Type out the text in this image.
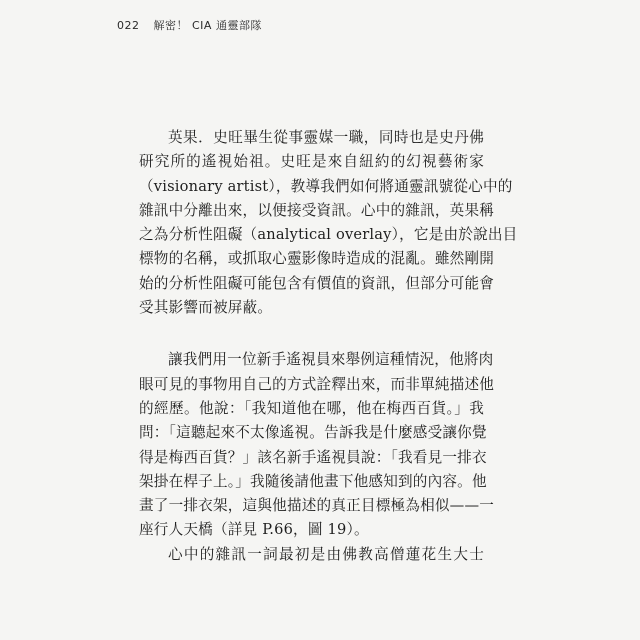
022 解密！ CIA 通靈部隊
英果．史旺畢生從事靈媒一職，同時也是史丹佛
研究所的遙視始祖。史旺是來自紐約的幻視藝術家
（visionary artist），教導我們如何將通靈訊號從心中的
雜訊中分離出來，以便接受資訊。心中的雜訊，英果稱
之為分析性阻礙（analytical overlay），它是由於說出目
標物的名稱，或抓取心靈影像時造成的混亂。雖然剛開
始的分析性阻礙可能包含有價值的資訊，但部分可能會
受其影響而被屏蔽。
讓我們用一位新手遙視員來舉例這種情況，他將肉
眼可見的事物用自己的方式詮釋出來，而非單純描述他
的經歷。他說：「我知道他在哪，他在梅西百貨。」我
問：「這聽起來不太像遙視。告訴我是什麼感受讓你覺
得是梅西百貨？」該名新手遙視員說：「我看見一排衣
架掛在桿子上。」我隨後請他畫下他感知到的內容。他
畫了一排衣架，這與他描述的真正目標極為相似——一
座行人天橋（詳見 P.66，圖 19）。
心中的雜訊一詞最初是由佛教高僧蓮花生大士
